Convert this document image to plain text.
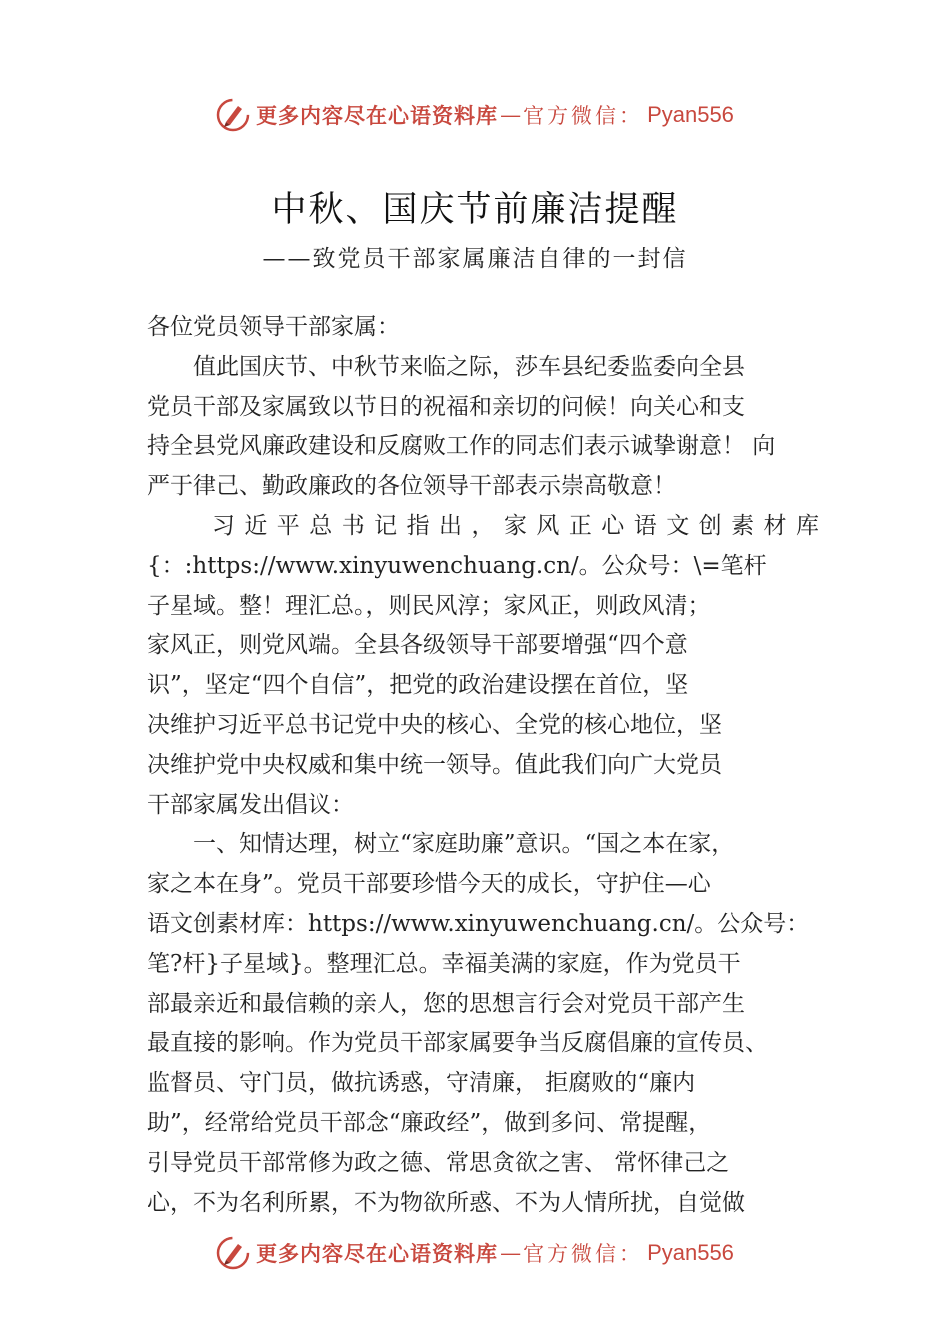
更多内容尽在心语资料库 — 官方微信： Pyan556
中秋、国庆节前廉洁提醒
——致党员干部家属廉洁自律的一封信
各位党员领导干部家属：
　　值此国庆节、中秋节来临之际，莎车县纪委监委向全县
党员干部及家属致以节日的祝福和亲切的问候！向关心和支
持全县党风廉政建设和反腐败工作的同志们表示诚挚谢意！ 向
严于律己、勤政廉政的各位领导干部表示崇高敬意！
　　习近平总书记指出，家风正心语文创素材库
{：:https://www.xinyuwenchuang.cn/。公众号：\=笔杆
子星域。整！理汇总。，则民风淳；家风正，则政风清；
家风正，则党风端。全县各级领导干部要增强“四个意
识”，坚定“四个自信”，把党的政治建设摆在首位，坚
决维护习近平总书记党中央的核心、全党的核心地位，坚
决维护党中央权威和集中统一领导。值此我们向广大党员
干部家属发出倡议：
　　一、知情达理，树立“家庭助廉”意识。“国之本在家，
家之本在身”。党员干部要珍惜今天的成长，守护住—心
语文创素材库：https://www.xinyuwenchuang.cn/。公众号：
笔?杆}子星域}。整理汇总。幸福美满的家庭，作为党员干
部最亲近和最信赖的亲人，您的思想言行会对党员干部产生
最直接的影响。作为党员干部家属要争当反腐倡廉的宣传员、
监督员、守门员，做抗诱惑，守清廉， 拒腐败的“廉内
助”，经常给党员干部念“廉政经”，做到多问、常提醒，
引导党员干部常修为政之德、常思贪欲之害、 常怀律己之
心，不为名利所累，不为物欲所惑、不为人情所扰，自觉做
更多内容尽在心语资料库 — 官方微信： Pyan556
